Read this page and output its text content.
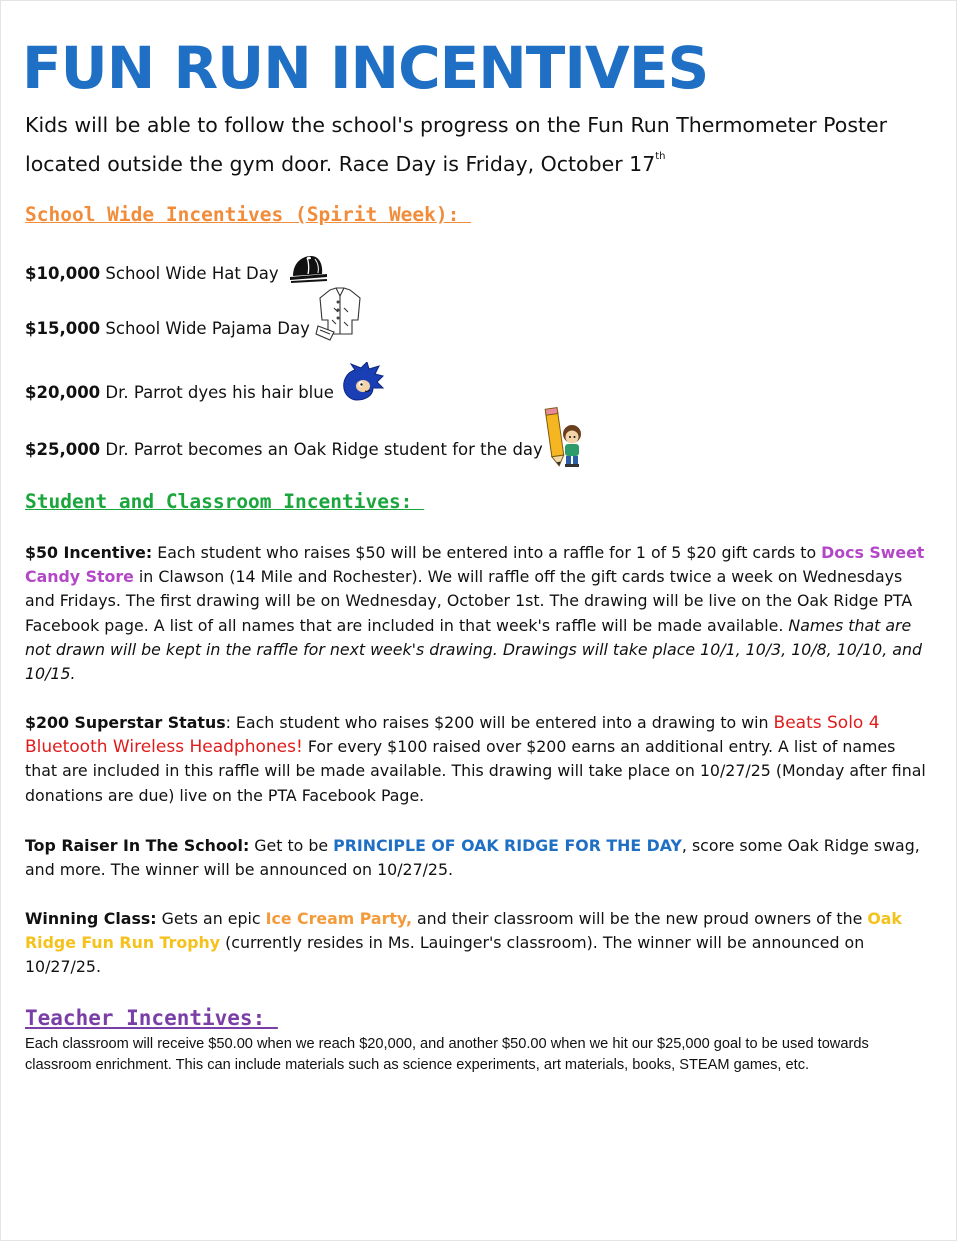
FUN RUN INCENTIVES
Kids will be able to follow the school's progress on the Fun Run Thermometer Poster
located outside the gym door. Race Day is Friday, October 17th
School Wide Incentives (Spirit Week):
$10,000 School Wide Hat Day
$15,000 School Wide Pajama Day
$20,000 Dr. Parrot dyes his hair blue
$25,000 Dr. Parrot becomes an Oak Ridge student for the day
Student and Classroom Incentives:

$50 Incentive: Each student who raises $50 will be entered into a raffle for 1 of 5 $20 gift cards to Docs Sweet Candy Store in Clawson (14 Mile and Rochester). We will raffle off the gift cards twice a week on Wednesdays and Fridays. The first drawing will be on Wednesday, October 1st. The drawing will be live on the Oak Ridge PTA Facebook page. A list of all names that are included in that week's raffle will be made available. Names that are not drawn will be kept in the raffle for next week's drawing. Drawings will take place 10/1, 10/3, 10/8, 10/10, and 10/15.

$200 Superstar Status: Each student who raises $200 will be entered into a drawing to win Beats Solo 4 Bluetooth Wireless Headphones! For every $100 raised over $200 earns an additional entry. A list of names that are included in this raffle will be made available. This drawing will take place on 10/27/25 (Monday after final donations are due) live on the PTA Facebook Page.

Top Raiser In The School: Get to be PRINCIPLE OF OAK RIDGE FOR THE DAY, score some Oak Ridge swag, and more. The winner will be announced on 10/27/25.

Winning Class: Gets an epic Ice Cream Party, and their classroom will be the new proud owners of the Oak Ridge Fun Run Trophy (currently resides in Ms. Lauinger's classroom). The winner will be announced on 10/27/25.

Teacher Incentives:

Each classroom will receive $50.00 when we reach $20,000, and another $50.00 when we hit our $25,000 goal to be used towards classroom enrichment. This can include materials such as science experiments, art materials, books, STEAM games, etc.
